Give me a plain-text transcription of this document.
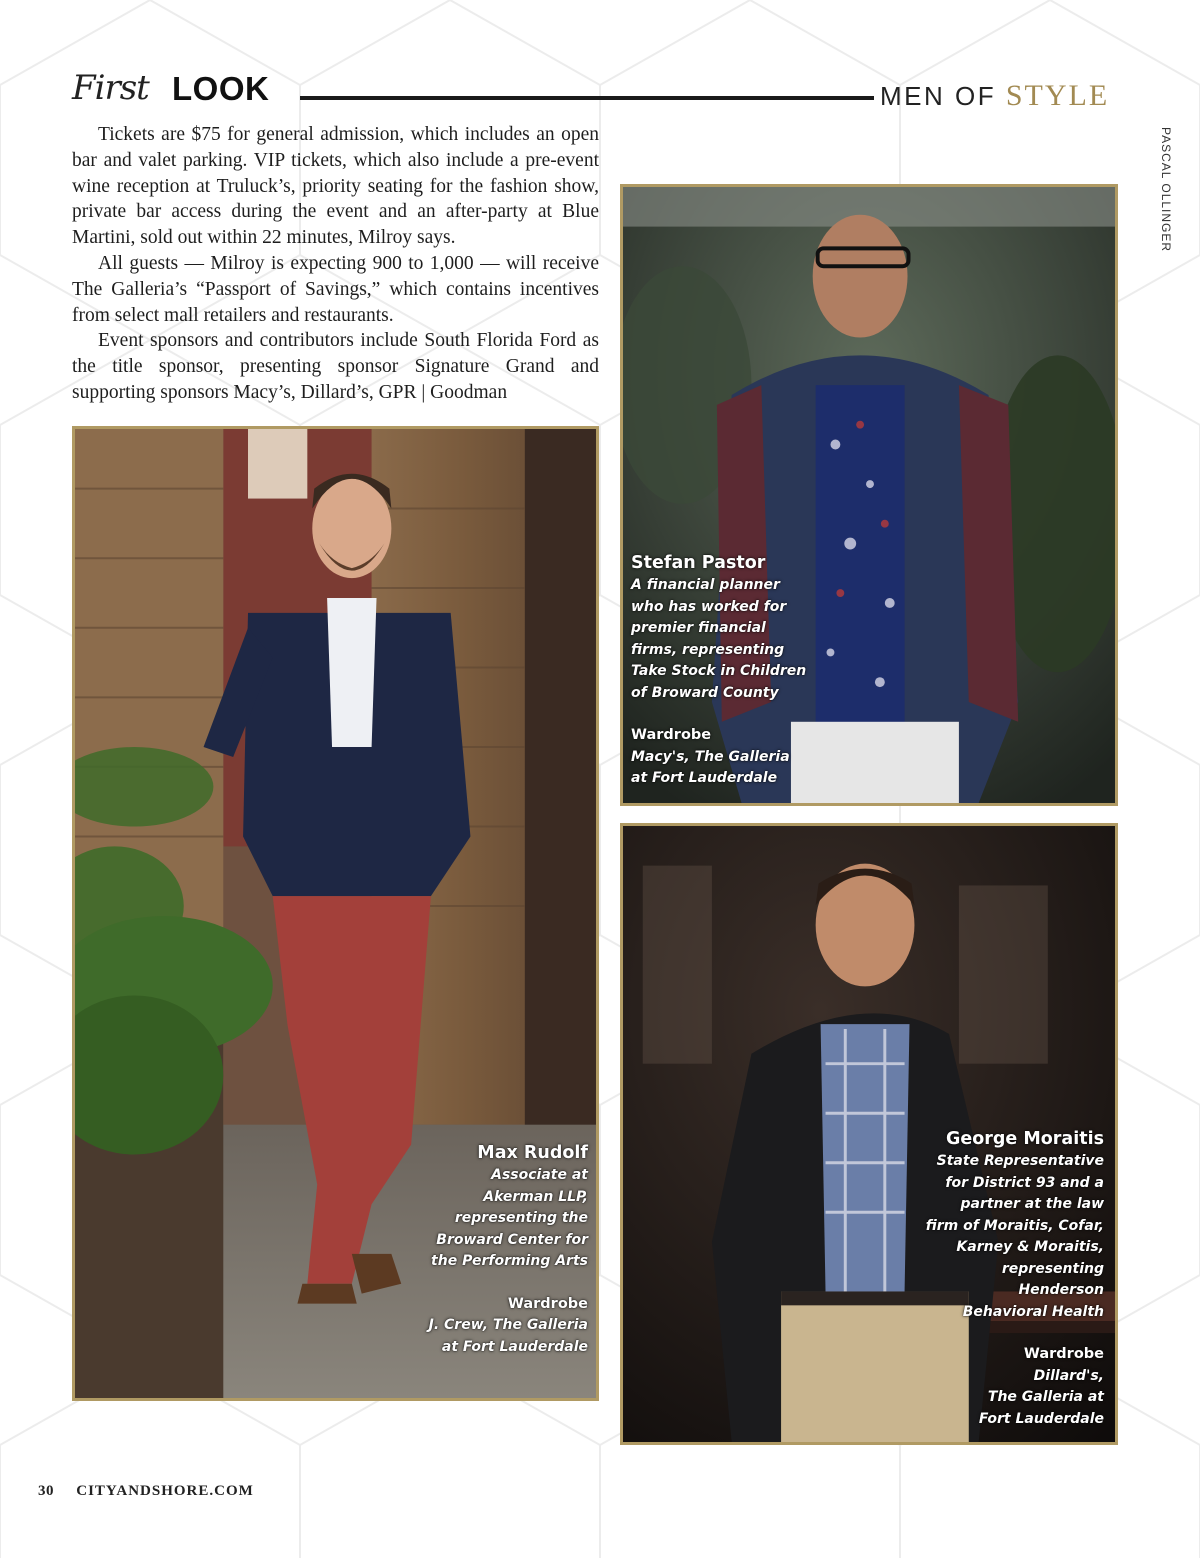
First LOOK	MEN OF STYLE
PASCAL OLLINGER

Tickets are $75 for general admission, which includes an open bar and valet parking. VIP tickets, which also include a pre-event wine reception at Truluck’s, priority seating for the fashion show, private bar access during the event and an after-party at Blue Martini, sold out within 22 minutes, Milroy says.

All guests — Milroy is expecting 900 to 1,000 — will receive The Galleria’s “Passport of Savings,” which contains incentives from select mall retailers and restaurants.

Event sponsors and contributors include South Florida Ford as the title sponsor, presenting sponsor Signature Grand and supporting sponsors Macy’s, Dillard’s, GPR | Goodman

Max Rudolf
Associate at
Akerman LLP,
representing the
Broward Center for
the Performing Arts
Wardrobe
J. Crew, The Galleria
at Fort Lauderdale
Stefan Pastor
A financial planner
who has worked for
premier financial
firms, representing
Take Stock in Children
of Broward County
Wardrobe
Macy's, The Galleria
at Fort Lauderdale
George Moraitis
State Representative
for District 93 and a
partner at the law
firm of Moraitis, Cofar,
Karney & Moraitis,
representing
Henderson
Behavioral Health
Wardrobe
Dillard's,
The Galleria at
Fort Lauderdale
30 CITYANDSHORE.COM
